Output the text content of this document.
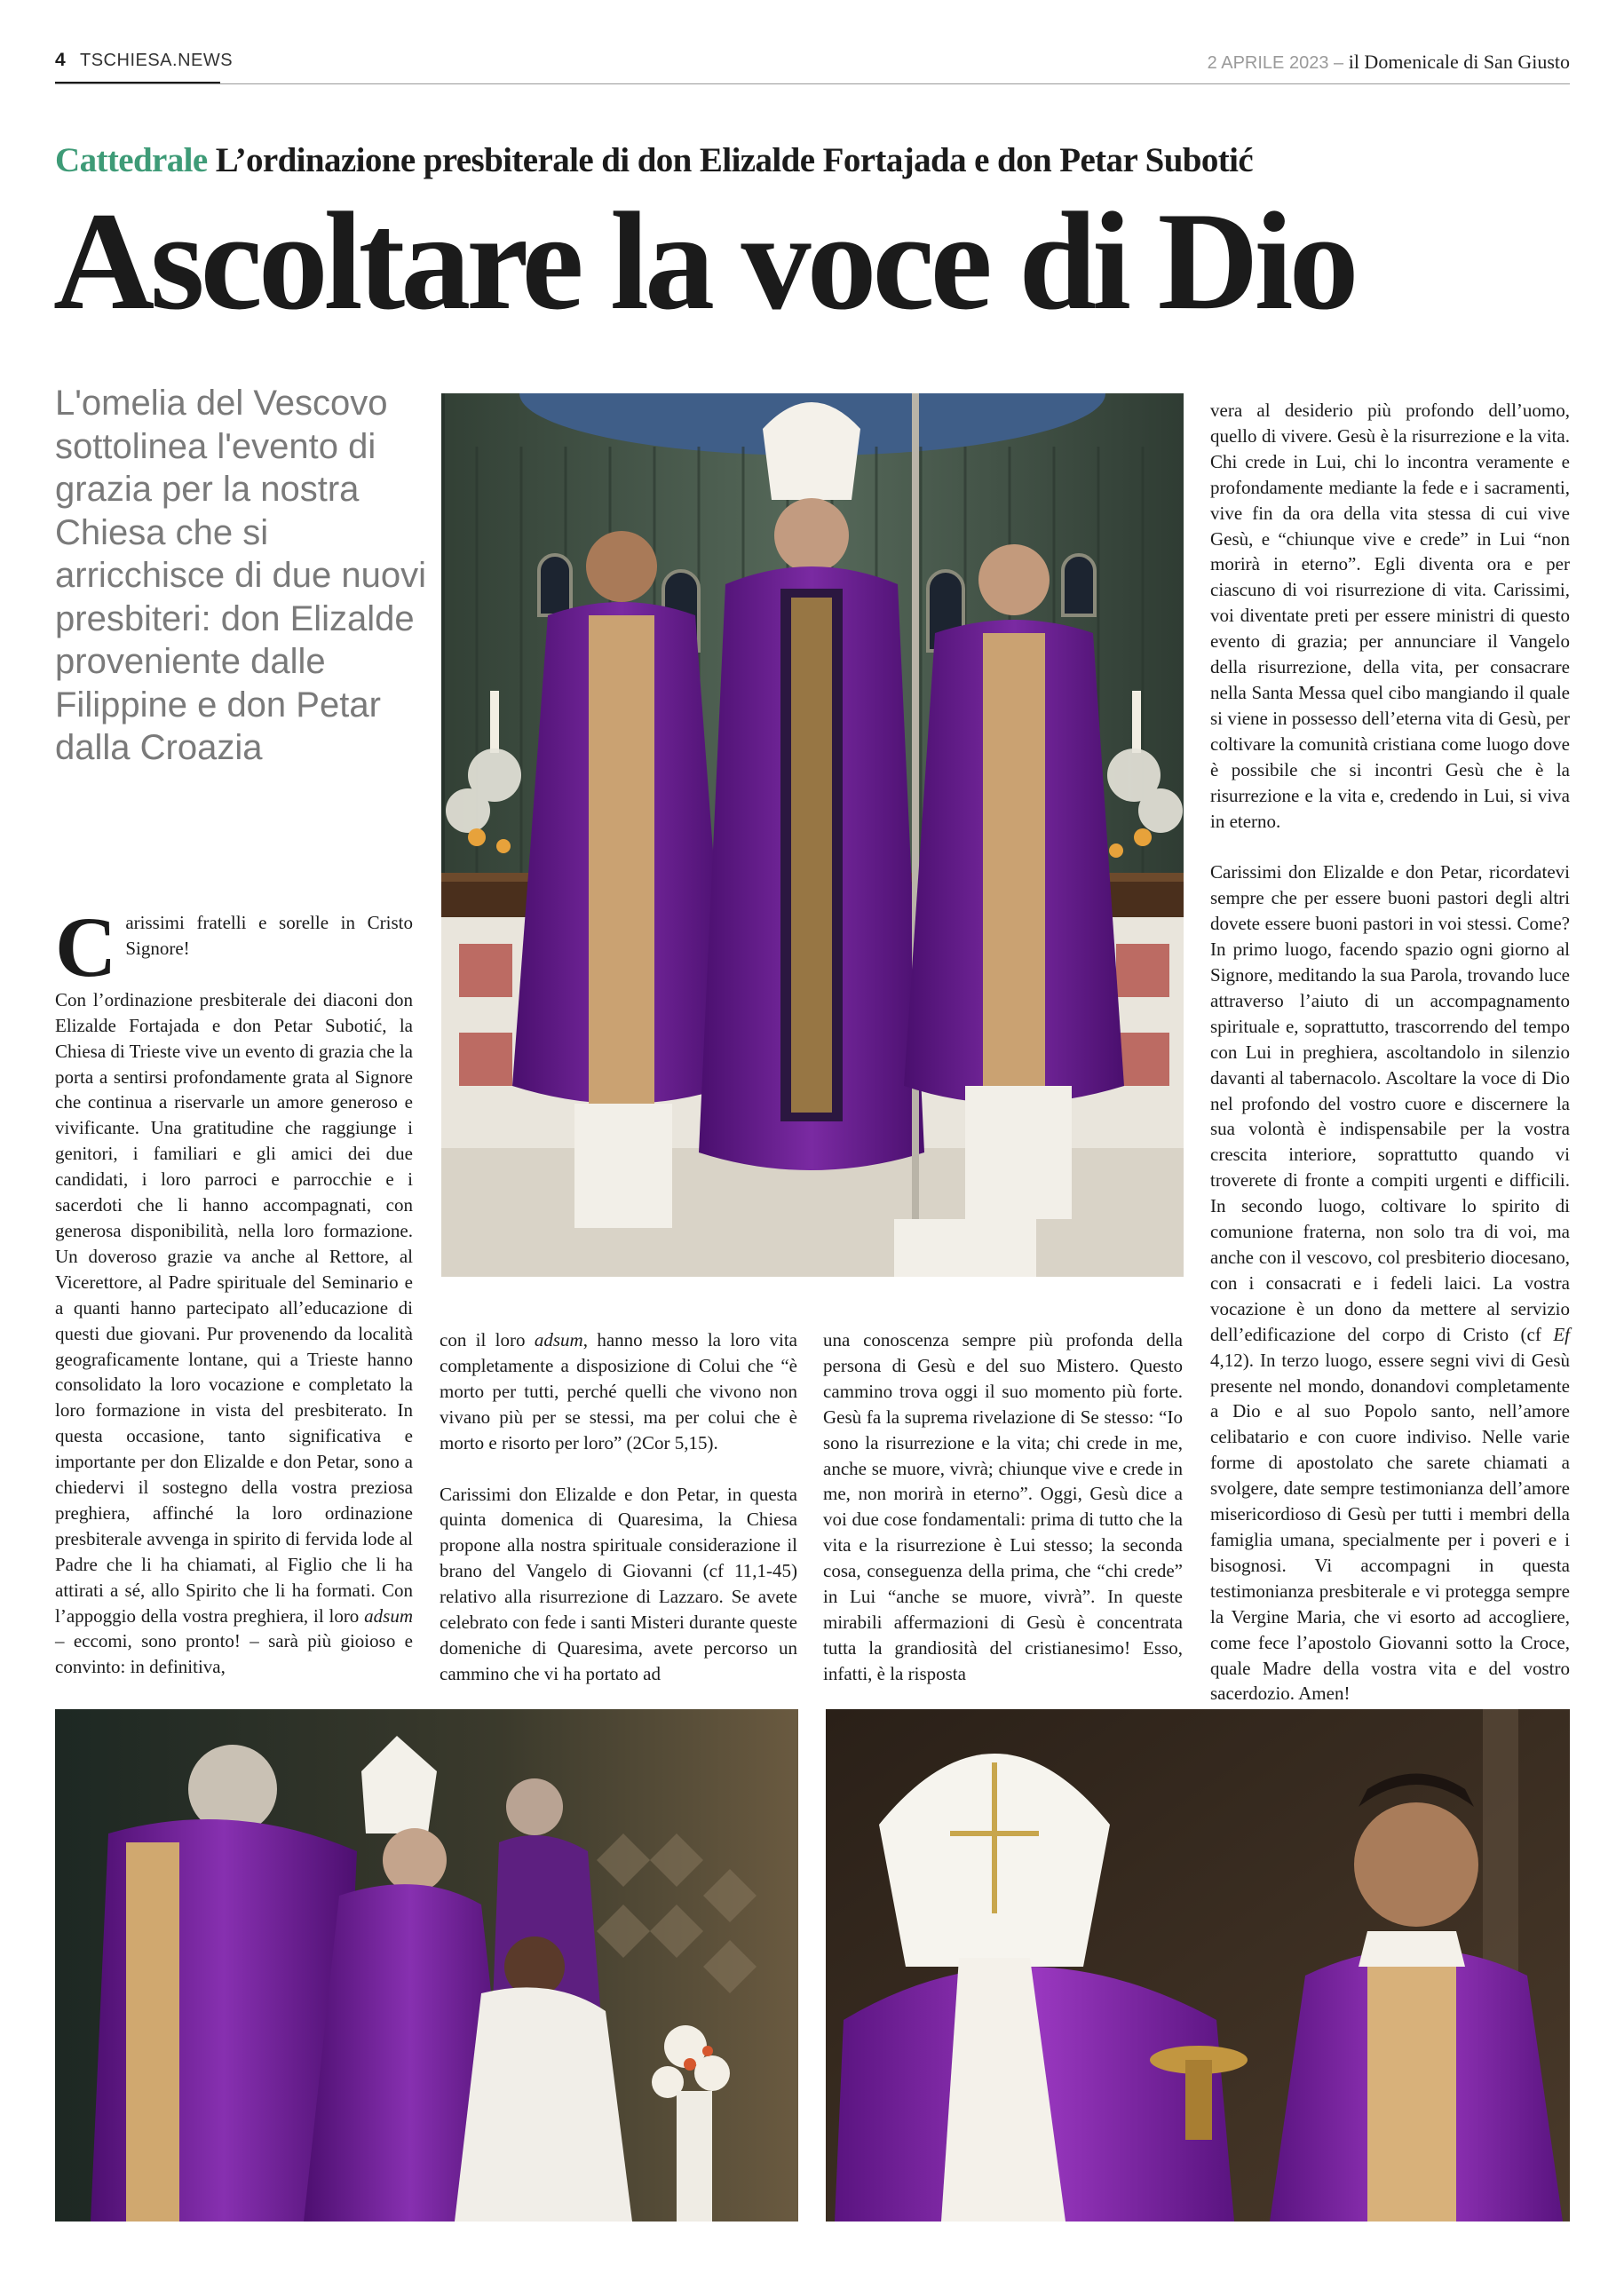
4 TSCHIESA.NEWS	2 APRILE 2023 – il Domenicale di San Giusto
Cattedrale L’ordinazione presbiterale di don Elizalde Fortajada e don Petar Subotić
Ascoltare la voce di Dio
L'omelia del Vescovo sottolinea l'evento di grazia per la nostra Chiesa che si arricchisce di due nuovi presbiteri: don Elizalde proveniente dalle Filippine e don Petar dalla Croazia

Carissimi fratelli e sorelle in Cristo Signore!

Con l’ordinazione presbiterale dei diaconi don Elizalde Fortajada e don Petar Subotić, la Chiesa di Trieste vive un evento di grazia che la porta a sentirsi profondamente grata al Signore che continua a riservarle un amore generoso e vivificante. Una gratitudine che raggiunge i genitori, i familiari e gli amici dei due candidati, i loro parroci e parrocchie e i sacerdoti che li hanno accompagnati, con generosa disponibilità, nella loro formazione. Un doveroso grazie va anche al Rettore, al Vicerettore, al Padre spirituale del Seminario e a quanti hanno partecipato all’educazione di questi due giovani. Pur provenendo da località geograficamente lontane, qui a Trieste hanno consolidato la loro vocazione e completato la loro formazione in vista del presbiterato. In questa occasione, tanto significativa e importante per don Elizalde e don Petar, sono a chiedervi il sostegno della vostra preziosa preghiera, affinché la loro ordinazione presbiterale avvenga in spirito di fervida lode al Padre che li ha chiamati, al Figlio che li ha attirati a sé, allo Spirito che li ha formati. Con l’appoggio della vostra preghiera, il loro adsum – eccomi, sono pronto! – sarà più gioioso e convinto: in definitiva,

con il loro adsum, hanno messo la loro vita completamente a disposizione di Colui che “è morto per tutti, perché quelli che vivono non vivano più per se stessi, ma per colui che è morto e risorto per loro” (2Cor 5,15).

Carissimi don Elizalde e don Petar, in questa quinta domenica di Quaresima, la Chiesa propone alla nostra spirituale considerazione il brano del Vangelo di Giovanni (cf 11,1-45) relativo alla risurrezione di Lazzaro. Se avete celebrato con fede i santi Misteri durante queste domeniche di Quaresima, avete percorso un cammino che vi ha portato ad

una conoscenza sempre più profonda della persona di Gesù e del suo Mistero. Questo cammino trova oggi il suo momento più forte. Gesù fa la suprema rivelazione di Se stesso: “Io sono la risurrezione e la vita; chi crede in me, anche se muore, vivrà; chiunque vive e crede in me, non morirà in eterno”. Oggi, Gesù dice a voi due cose fondamentali: prima di tutto che la vita e la risurrezione è Lui stesso; la seconda cosa, conseguenza della prima, che “chi crede” in Lui “anche se muore, vivrà”. In queste mirabili affermazioni di Gesù è concentrata tutta la grandiosità del cristianesimo! Esso, infatti, è la risposta

vera al desiderio più profondo dell’uomo, quello di vivere. Gesù è la risurrezione e la vita. Chi crede in Lui, chi lo incontra veramente e profondamente mediante la fede e i sacramenti, vive fin da ora della vita stessa di cui vive Gesù, e “chiunque vive e crede” in Lui “non morirà in eterno”. Egli diventa ora e per ciascuno di voi risurrezione di vita. Carissimi, voi diventate preti per essere ministri di questo evento di grazia; per annunciare il Vangelo della risurrezione, della vita, per consacrare nella Santa Messa quel cibo mangiando il quale si viene in possesso dell’eterna vita di Gesù, per coltivare la comunità cristiana come luogo dove è possibile che si incontri Gesù che è la risurrezione e la vita e, credendo in Lui, si viva in eterno.

Carissimi don Elizalde e don Petar, ricordatevi sempre che per essere buoni pastori degli altri dovete essere buoni pastori in voi stessi. Come? In primo luogo, facendo spazio ogni giorno al Signore, meditando la sua Parola, trovando luce attraverso l’aiuto di un accompagnamento spirituale e, soprattutto, trascorrendo del tempo con Lui in preghiera, ascoltandolo in silenzio davanti al tabernacolo. Ascoltare la voce di Dio nel profondo del vostro cuore e discernere la sua volontà è indispensabile per la vostra crescita interiore, soprattutto quando vi troverete di fronte a compiti urgenti e difficili. In secondo luogo, coltivare lo spirito di comunione fraterna, non solo tra di voi, ma anche con il vescovo, col presbiterio diocesano, con i consacrati e i fedeli laici. La vostra vocazione è un dono da mettere al servizio dell’edificazione del corpo di Cristo (cf Ef 4,12). In terzo luogo, essere segni vivi di Gesù presente nel mondo, donandovi completamente a Dio e al suo Popolo santo, nell’amore celibatario e con cuore indiviso. Nelle varie forme di apostolato che sarete chiamati a svolgere, date sempre testimonianza dell’amore misericordioso di Gesù per tutti i membri della famiglia umana, specialmente per i poveri e i bisognosi. Vi accompagni in questa testimonianza presbiterale e vi protegga sempre la Vergine Maria, che vi esorto ad accogliere, come fece l’apostolo Giovanni sotto la Croce, quale Madre della vostra vita e del vostro sacerdozio. Amen!
